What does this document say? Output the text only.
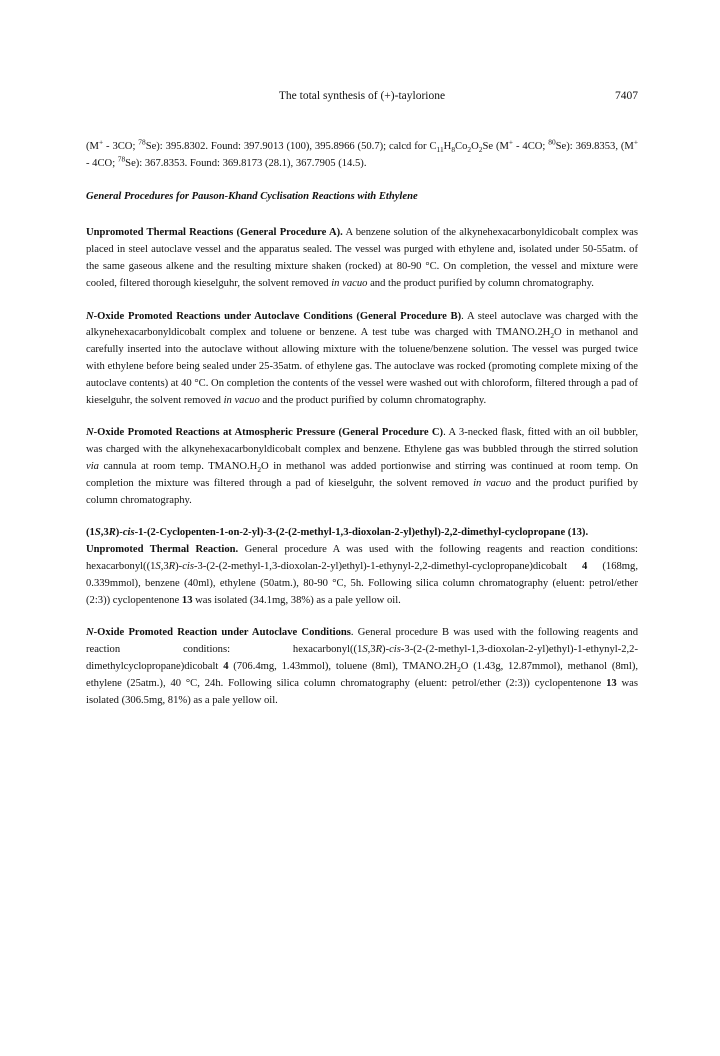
The total synthesis of (+)-taylorione	7407

(M+ - 3CO; $^{78}$Se): 395.8302. Found: 397.9013 (100), 395.8966 (50.7); calcd for $C_{11}H_8Co_2O_2Se$ (M+ - 4CO; $^{80}$Se): 369.8353, (M+ - 4CO; $^{78}$Se): 367.8353. Found: 369.8173 (28.1), 367.7905 (14.5).

General Procedures for Pauson-Khand Cyclisation Reactions with Ethylene

Unpromoted Thermal Reactions (General Procedure A). A benzene solution of the alkynehexacarbonyldicobalt complex was placed in steel autoclave vessel and the apparatus sealed. The vessel was purged with ethylene and, isolated under 50-55atm. of the same gaseous alkene and the resulting mixture shaken (rocked) at 80-90 °C. On completion, the vessel and mixture were cooled, filtered thorough kieselguhr, the solvent removed in vacuo and the product purified by column chromatography.

N-Oxide Promoted Reactions under Autoclave Conditions (General Procedure B). A steel autoclave was charged with the alkynehexacarbonyldicobalt complex and toluene or benzene. A test tube was charged with $TMANO.2H_2O$ in methanol and carefully inserted into the autoclave without allowing mixture with the toluene/benzene solution. The vessel was purged twice with ethylene before being sealed under 25-35atm. of ethylene gas. The autoclave was rocked (promoting complete mixing of the autoclave contents) at 40 °C. On completion the contents of the vessel were washed out with chloroform, filtered through a pad of kieselguhr, the solvent removed in vacuo and the product purified by column chromatography.

N-Oxide Promoted Reactions at Atmospheric Pressure (General Procedure C). A 3-necked flask, fitted with an oil bubbler, was charged with the alkynehexacarbonyldicobalt complex and benzene. Ethylene gas was bubbled through the stirred solution via cannula at room temp. $TMANO.H_2O$ in methanol was added portionwise and stirring was continued at room temp. On completion the mixture was filtered through a pad of kieselguhr, the solvent removed in vacuo and the product purified by column chromatography.

(1S,3R)-cis-1-(2-Cyclopenten-1-on-2-yl)-3-(2-(2-methyl-1,3-dioxolan-2-yl)ethyl)-2,2-dimethyl-cyclopropane (13).

Unpromoted Thermal Reaction. General procedure A was used with the following reagents and reaction conditions: hexacarbonyl((1S,3R)-cis-3-(2-(2-methyl-1,3-dioxolan-2-yl)ethyl)-1-ethynyl-2,2-dimethyl-cyclopropane)dicobalt 4 (168mg, 0.339mmol), benzene (40ml), ethylene (50atm.), 80-90 °C, 5h. Following silica column chromatography (eluent: petrol/ether (2:3)) cyclopentenone 13 was isolated (34.1mg, 38%) as a pale yellow oil.

N-Oxide Promoted Reaction under Autoclave Conditions. General procedure B was used with the following reagents and reaction conditions: hexacarbonyl((1S,3R)-cis-3-(2-(2-methyl-1,3-dioxolan-2-yl)ethyl)-1-ethynyl-2,2-dimethylcyclopropane)dicobalt 4 (706.4mg, 1.43mmol), toluene (8ml), $TMANO.2H_2O$ (1.43g, 12.87mmol), methanol (8ml), ethylene (25atm.), 40 °C, 24h. Following silica column chromatography (eluent: petrol/ether (2:3)) cyclopentenone 13 was isolated (306.5mg, 81%) as a pale yellow oil.
